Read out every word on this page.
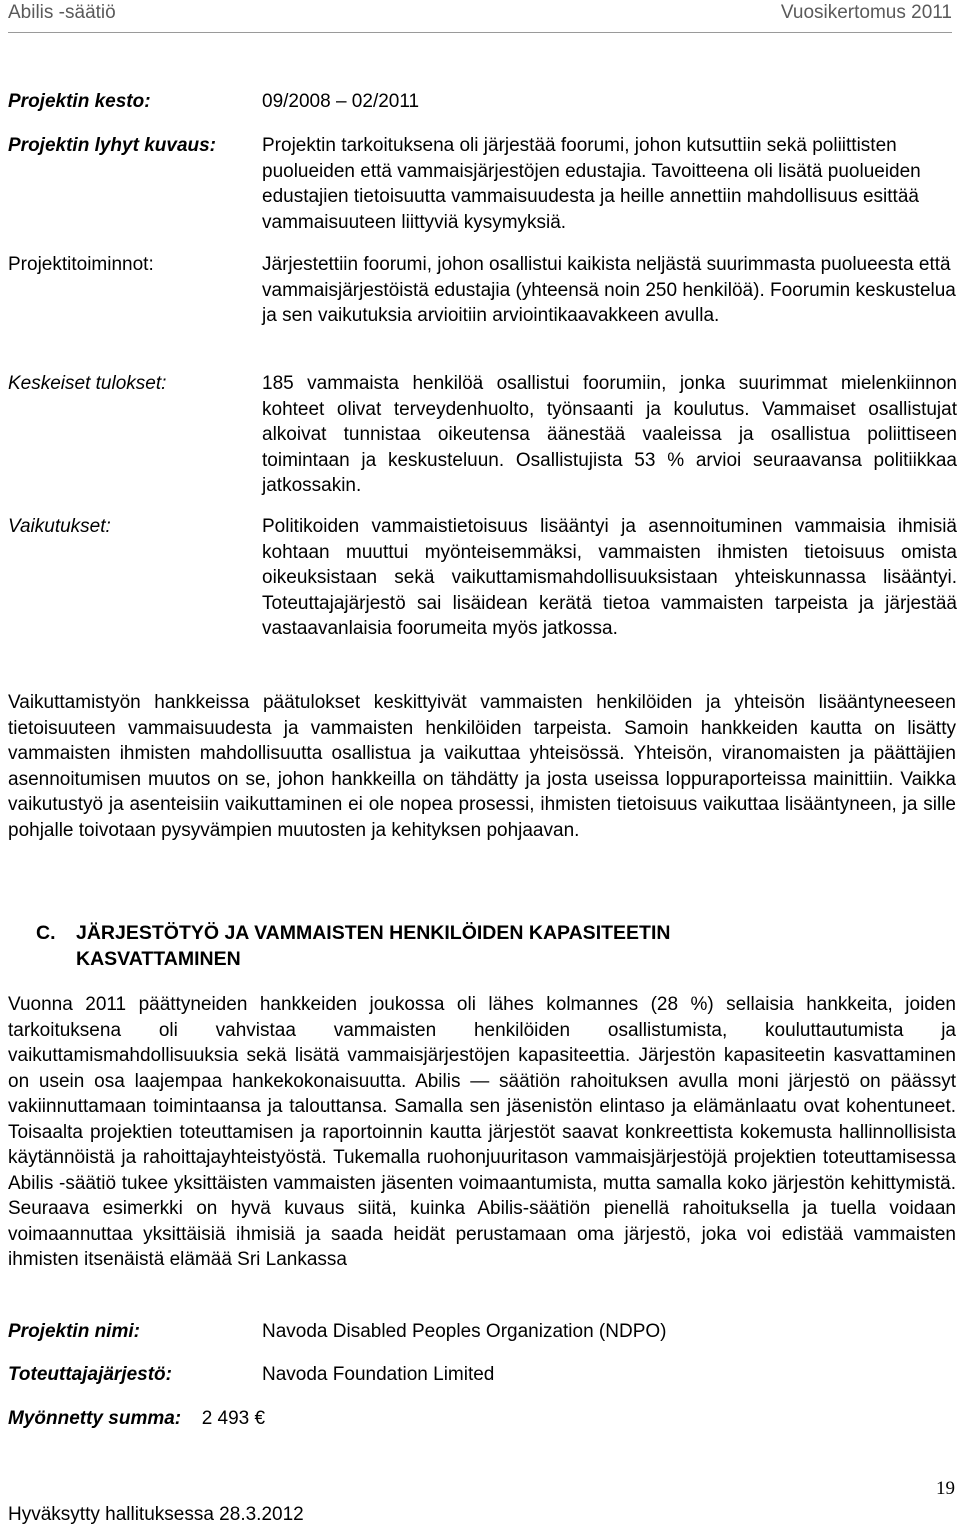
Abilis -säätiö	Vuosikertomus 2011
Projektin kesto:	09/2008 – 02/2011
Projektin lyhyt kuvaus: Projektin tarkoituksena oli järjestää foorumi, johon kutsuttiin sekä poliittisten puolueiden että vammaisjärjestöjen edustajia. Tavoitteena oli lisätä puolueiden edustajien tietoisuutta vammaisuudesta ja heille annettiin mahdollisuus esittää vammaisuuteen liittyviä kysymyksiä.
Projektitoiminnot:	Järjestettiin foorumi, johon osallistui kaikista neljästä suurimmasta puolueesta että vammaisjärjestöistä edustajia (yhteensä noin 250 henkilöä). Foorumin keskustelua ja sen vaikutuksia arvioitiin arviointikaavakkeen avulla.
Keskeiset tulokset:	185 vammaista henkilöä osallistui foorumiin, jonka suurimmat mielenkiinnon kohteet olivat terveydenhuolto, työnsaanti ja koulutus. Vammaiset osallistujat alkoivat tunnistaa oikeutensa äänestää vaaleissa ja osallistua poliittiseen toimintaan ja keskusteluun. Osallistujista 53 % arvioi seuraavansa politiikkaa jatkossakin.
Vaikutukset:	Politikoiden vammaistietoisuus lisääntyi ja asennoituminen vammaisia ihmisiä kohtaan muuttui myönteisemmäksi, vammaisten ihmisten tietoisuus omista oikeuksistaan sekä vaikuttamismahdollisuuksistaan yhteiskunnassa lisääntyi. Toteuttajajärjestö sai lisäidean kerätä tietoa vammaisten tarpeista ja järjestää vastaavanlaisia foorumeita myös jatkossa.
Vaikuttamistyön hankkeissa päätulokset keskittyivät vammaisten henkilöiden ja yhteisön lisääntyneeseen tietoisuuteen vammaisuudesta ja vammaisten henkilöiden tarpeista. Samoin hankkeiden kautta on lisätty vammaisten ihmisten mahdollisuutta osallistua ja vaikuttaa yhteisössä. Yhteisön, viranomaisten ja päättäjien asennoitumisen muutos on se, johon hankkeilla on tähdätty ja josta useissa loppuraporteissa mainittiin. Vaikka vaikutustyö ja asenteisiin vaikuttaminen ei ole nopea prosessi, ihmisten tietoisuus vaikuttaa lisääntyneen, ja sille pohjalle toivotaan pysyvämpien muutosten ja kehityksen pohjaavan.
C. JÄRJESTÖTYÖ JA VAMMAISTEN HENKILÖIDEN KAPASITEETIN
KASVATTAMINEN
Vuonna 2011 päättyneiden hankkeiden joukossa oli lähes kolmannes (28 %) sellaisia hankkeita, joiden tarkoituksena oli vahvistaa vammaisten henkilöiden osallistumista, kouluttautumista ja vaikuttamismahdollisuuksia sekä lisätä vammaisjärjestöjen kapasiteettia. Järjestön kapasiteetin kasvattaminen on usein osa laajempaa hankekokonaisuutta. Abilis — säätiön rahoituksen avulla moni järjestö on päässyt vakiinnuttamaan toimintaansa ja talouttansa. Samalla sen jäsenistön elintaso ja elämänlaatu ovat kohentuneet. Toisaalta projektien toteuttamisen ja raportoinnin kautta järjestöt saavat konkreettista kokemusta hallinnollisista käytännöistä ja rahoittajayhteistyöstä. Tukemalla ruohonjuuritason vammaisjärjestöjä projektien toteuttamisessa Abilis -säätiö tukee yksittäisten vammaisten jäsenten voimaantumista, mutta samalla koko järjestön kehittymistä. Seuraava esimerkki on hyvä kuvaus siitä, kuinka Abilis-säätiön pienellä rahoituksella ja tuella voidaan voimaannuttaa yksittäisiä ihmisiä ja saada heidät perustamaan oma järjestö, joka voi edistää vammaisten ihmisten itsenäistä elämää Sri Lankassa
Projektin nimi:	Navoda Disabled Peoples Organization (NDPO)
Toteuttajajärjestö:	Navoda Foundation Limited
Myönnetty summa: 2 493 €
19
Hyväksytty hallituksessa 28.3.2012
